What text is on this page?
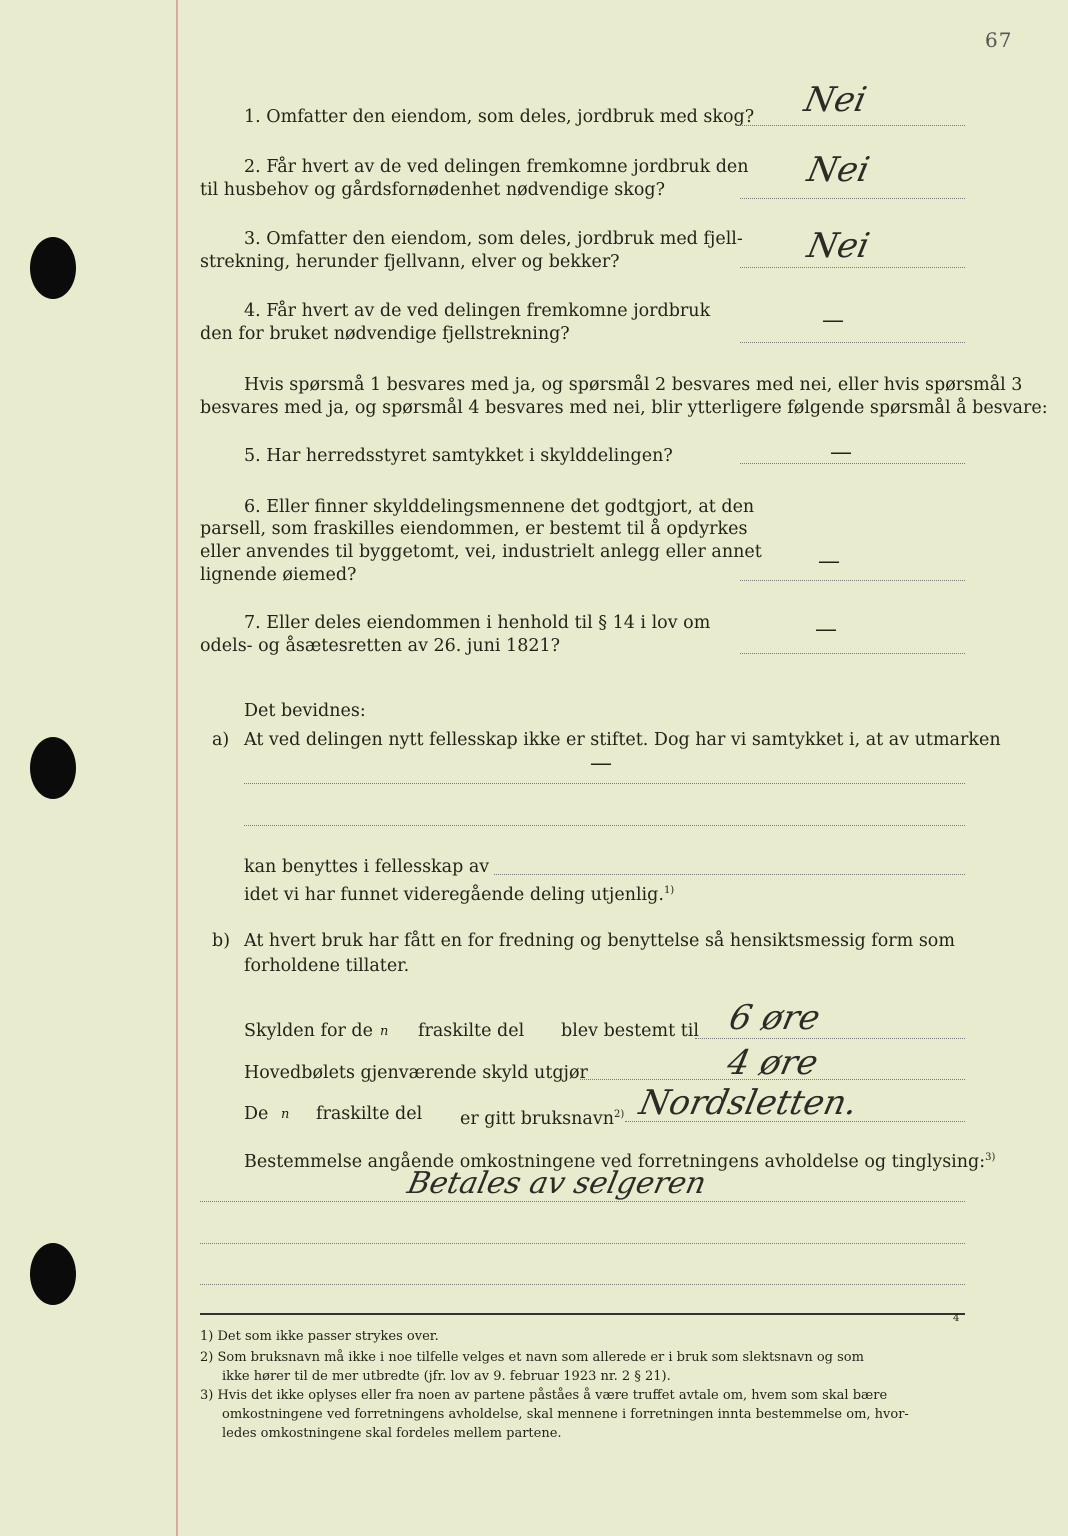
67
1. Omfatter den eiendom, som deles, jordbruk med skog? Nei
2. Får hvert av de ved delingen fremkomne jordbruk den
til husbehov og gårdsfornødenhet nødvendige skog?	Nei
3. Omfatter den eiendom, som deles, jordbruk med fjell-
strekning, herunder fjellvann, elver og bekker?	Nei
4. Får hvert av de ved delingen fremkomne jordbruk
den for bruket nødvendige fjellstrekning?
—
Hvis spørsmå 1 besvares med ja, og spørsmål 2 besvares med nei, eller hvis spørsmål 3
besvares med ja, og spørsmål 4 besvares med nei, blir ytterligere følgende spørsmål å besvare:
5. Har herredsstyret samtykket i skylddelingen?	—
6. Eller finner skylddelingsmennene det godtgjort, at den
parsell, som fraskilles eiendommen, er bestemt til å opdyrkes
eller anvendes til byggetomt, vei, industrielt anlegg eller annet
lignende øiemed?
—
7. Eller deles eiendommen i henhold til § 14 i lov om
odels- og åsætesretten av 26. juni 1821?
—
Det bevidnes:
a) At ved delingen nytt fellesskap ikke er stiftet. Dog har vi samtykket i, at av utmarken
—
kan benyttes i fellesskap av
idet vi har funnet videregående deling utjenlig.$^{1)}$
b) At hvert bruk har fått en for fredning og benyttelse så hensiktsmessig form som
forholdene tillater.
Skylden for de n fraskilte del blev bestemt til 6 øre
Hovedbølets gjenværende skyld utgjør	4 øre
De n fraskilte del er gitt bruksnavn$^{2)}$ Nordsletten.
Bestemmelse angående omkostningene ved forretningens avholdelse og tinglysing:$^{3)}$
Betales av selgeren
4
1) Det som ikke passer strykes over.
2) Som bruksnavn må ikke i noe tilfelle velges et navn som allerede er i bruk som slektsnavn og som
ikke hører til de mer utbredte (jfr. lov av 9. februar 1923 nr. 2 § 21).
3) Hvis det ikke oplyses eller fra noen av partene påståes å være truffet avtale om, hvem som skal bære
omkostningene ved forretningens avholdelse, skal mennene i forretningen innta bestemmelse om, hvor-
ledes omkostningene skal fordeles mellem partene.
